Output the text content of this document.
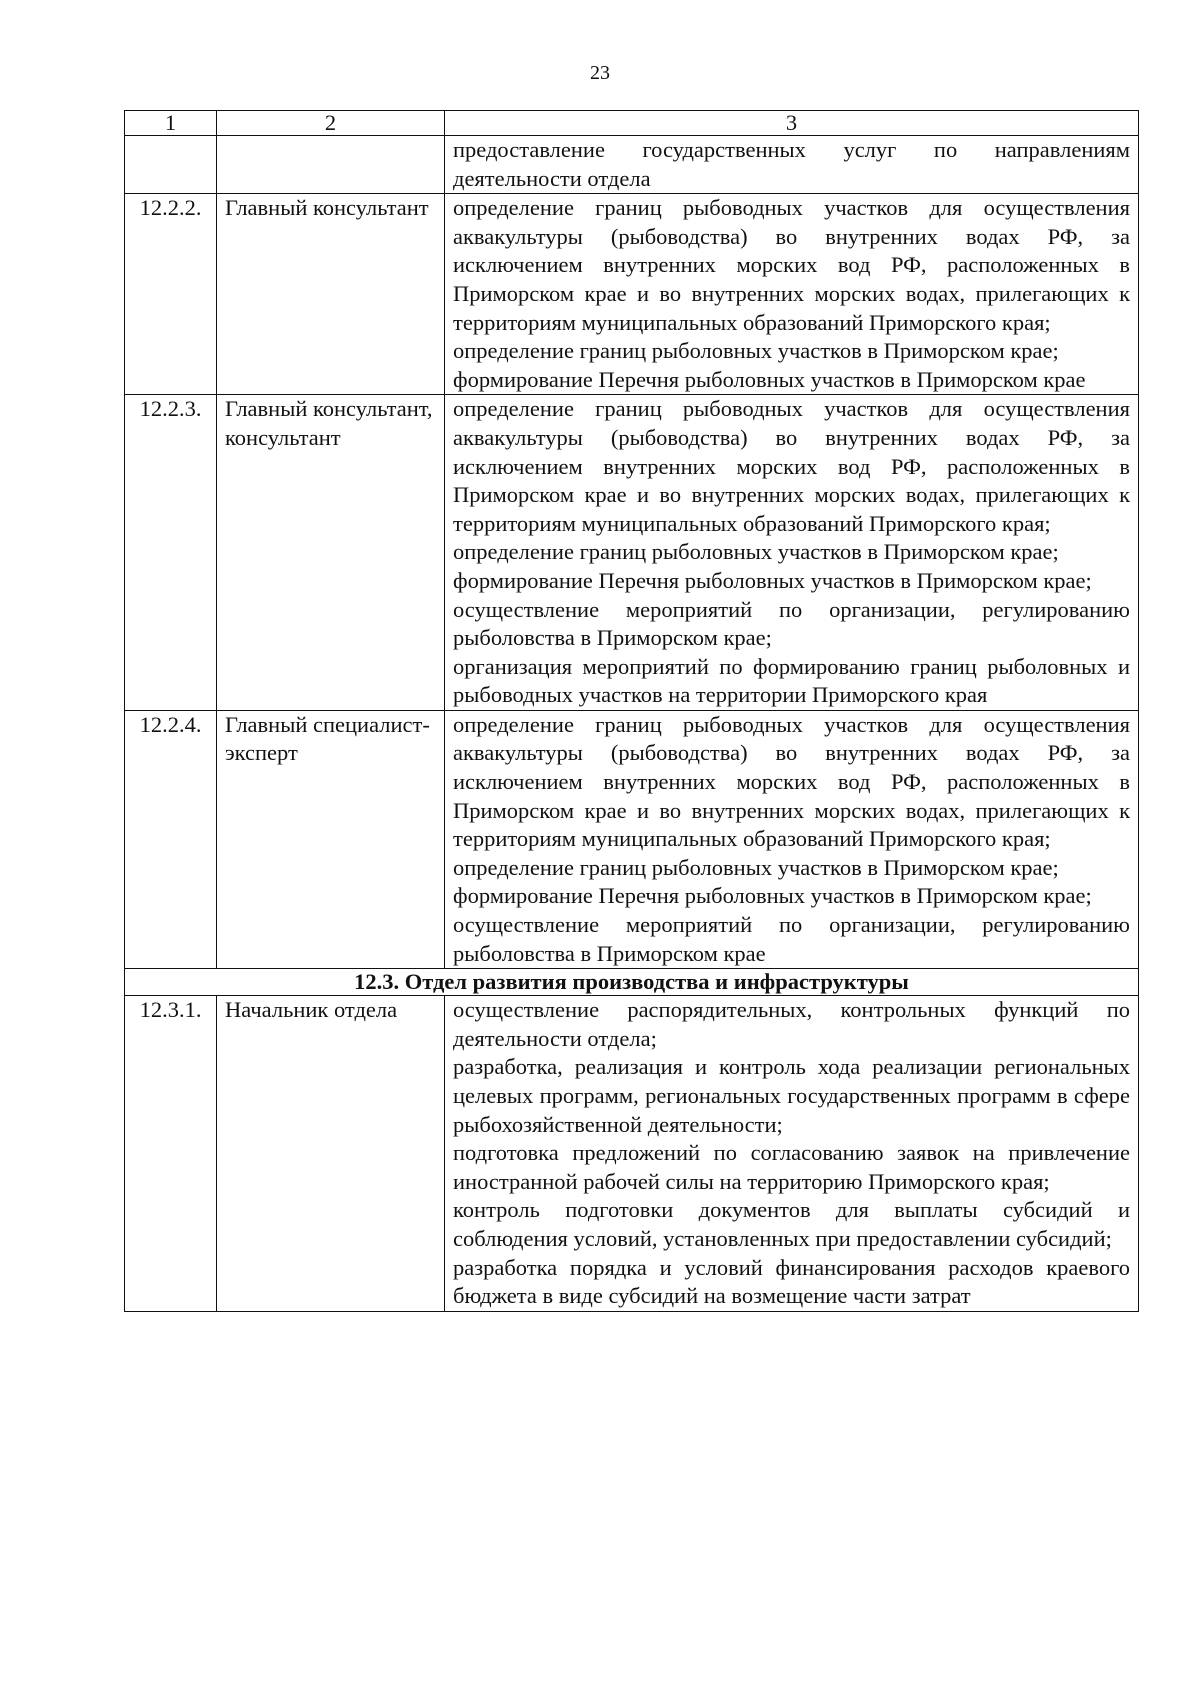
23
1	2	3

		предоставление государственных услуг по направлениям деятельности отдела

12.2.2.	Главный консультант	определение границ рыбоводных участков для осуществления аквакультуры (рыбоводства) во внутренних водах РФ, за исключением внутренних морских вод РФ, расположенных в Приморском крае и во внутренних морских водах, прилегающих к территориям муниципальных образований Приморского края;
определение границ рыболовных участков в Приморском крае;
формирование Перечня рыболовных участков в Приморском крае

12.2.3.	Главный консультант, консультант	определение границ рыбоводных участков для осуществления аквакультуры (рыбоводства) во внутренних водах РФ, за исключением внутренних морских вод РФ, расположенных в Приморском крае и во внутренних морских водах, прилегающих к территориям муниципальных образований Приморского края;
определение границ рыболовных участков в Приморском крае;
формирование Перечня рыболовных участков в Приморском крае;
осуществление мероприятий по организации, регулированию рыболовства в Приморском крае;
организация мероприятий по формированию границ рыболовных и рыбоводных участков на территории Приморского края

12.2.4.	Главный специалист-эксперт	определение границ рыбоводных участков для осуществления аквакультуры (рыбоводства) во внутренних водах РФ, за исключением внутренних морских вод РФ, расположенных в Приморском крае и во внутренних морских водах, прилегающих к территориям муниципальных образований Приморского края;
определение границ рыболовных участков в Приморском крае;
формирование Перечня рыболовных участков в Приморском крае;
осуществление мероприятий по организации, регулированию рыболовства в Приморском крае

12.3. Отдел развития производства и инфраструктуры		
12.3.1.	Начальник отдела	осуществление распорядительных, контрольных функций по деятельности отдела;
разработка, реализация и контроль хода реализации региональных целевых программ, региональных государственных программ в сфере рыбохозяйственной деятельности;
подготовка предложений по согласованию заявок на привлечение иностранной рабочей силы на территорию Приморского края;
контроль подготовки документов для выплаты субсидий и соблюдения условий, установленных при предоставлении субсидий;
разработка порядка и условий финансирования расходов краевого бюджета в виде субсидий на возмещение части затрат
